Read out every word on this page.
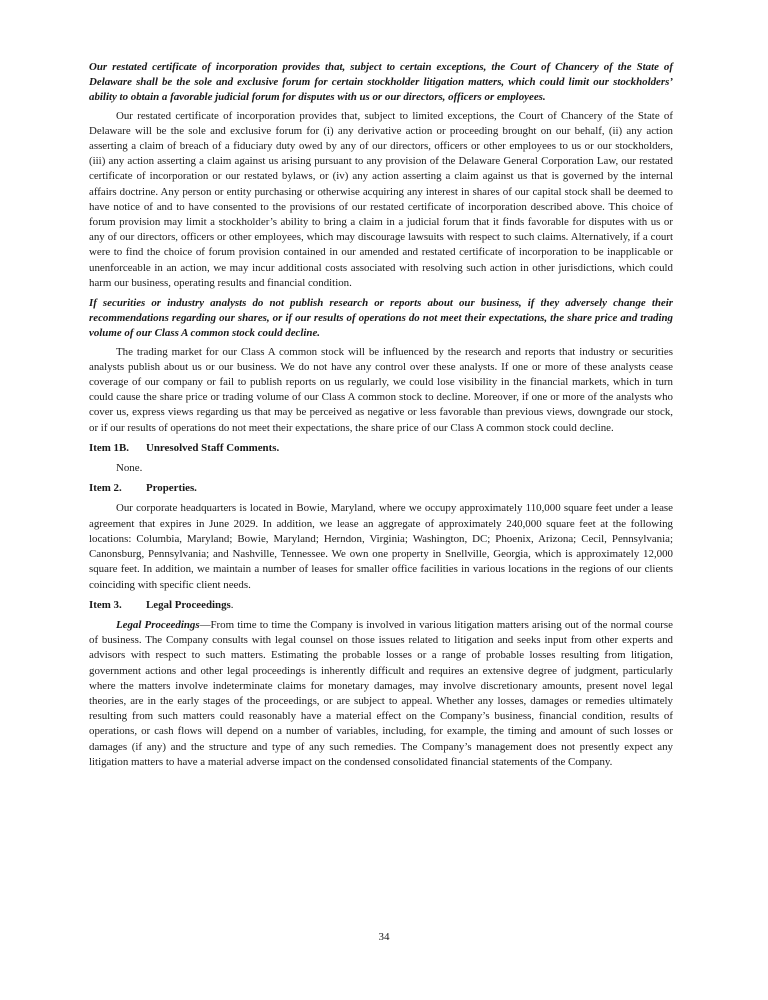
Our restated certificate of incorporation provides that, subject to certain exceptions, the Court of Chancery of the State of Delaware shall be the sole and exclusive forum for certain stockholder litigation matters, which could limit our stockholders’ ability to obtain a favorable judicial forum for disputes with us or our directors, officers or employees.

Our restated certificate of incorporation provides that, subject to limited exceptions, the Court of Chancery of the State of Delaware will be the sole and exclusive forum for (i) any derivative action or proceeding brought on our behalf, (ii) any action asserting a claim of breach of a fiduciary duty owed by any of our directors, officers or other employees to us or our stockholders, (iii) any action asserting a claim against us arising pursuant to any provision of the Delaware General Corporation Law, our restated certificate of incorporation or our restated bylaws, or (iv) any action asserting a claim against us that is governed by the internal affairs doctrine. Any person or entity purchasing or otherwise acquiring any interest in shares of our capital stock shall be deemed to have notice of and to have consented to the provisions of our restated certificate of incorporation described above. This choice of forum provision may limit a stockholder’s ability to bring a claim in a judicial forum that it finds favorable for disputes with us or any of our directors, officers or other employees, which may discourage lawsuits with respect to such claims. Alternatively, if a court were to find the choice of forum provision contained in our amended and restated certificate of incorporation to be inapplicable or unenforceable in an action, we may incur additional costs associated with resolving such action in other jurisdictions, which could harm our business, operating results and financial condition.

If securities or industry analysts do not publish research or reports about our business, if they adversely change their recommendations regarding our shares, or if our results of operations do not meet their expectations, the share price and trading volume of our Class A common stock could decline.

The trading market for our Class A common stock will be influenced by the research and reports that industry or securities analysts publish about us or our business. We do not have any control over these analysts. If one or more of these analysts cease coverage of our company or fail to publish reports on us regularly, we could lose visibility in the financial markets, which in turn could cause the share price or trading volume of our Class A common stock to decline. Moreover, if one or more of the analysts who cover us, express views regarding us that may be perceived as negative or less favorable than previous views, downgrade our stock, or if our results of operations do not meet their expectations, the share price of our Class A common stock could decline.

Item 1B. Unresolved Staff Comments.

None.

Item 2. Properties.

Our corporate headquarters is located in Bowie, Maryland, where we occupy approximately 110,000 square feet under a lease agreement that expires in June 2029. In addition, we lease an aggregate of approximately 240,000 square feet at the following locations: Columbia, Maryland; Bowie, Maryland; Herndon, Virginia; Washington, DC; Phoenix, Arizona; Cecil, Pennsylvania; Canonsburg, Pennsylvania; and Nashville, Tennessee. We own one property in Snellville, Georgia, which is approximately 12,000 square feet. In addition, we maintain a number of leases for smaller office facilities in various locations in the regions of our clients coinciding with specific client needs.

Item 3. Legal Proceedings.

Legal Proceedings—From time to time the Company is involved in various litigation matters arising out of the normal course of business. The Company consults with legal counsel on those issues related to litigation and seeks input from other experts and advisors with respect to such matters. Estimating the probable losses or a range of probable losses resulting from litigation, government actions and other legal proceedings is inherently difficult and requires an extensive degree of judgment, particularly where the matters involve indeterminate claims for monetary damages, may involve discretionary amounts, present novel legal theories, are in the early stages of the proceedings, or are subject to appeal. Whether any losses, damages or remedies ultimately resulting from such matters could reasonably have a material effect on the Company’s business, financial condition, results of operations, or cash flows will depend on a number of variables, including, for example, the timing and amount of such losses or damages (if any) and the structure and type of any such remedies. The Company’s management does not presently expect any litigation matters to have a material adverse impact on the condensed consolidated financial statements of the Company.

34
